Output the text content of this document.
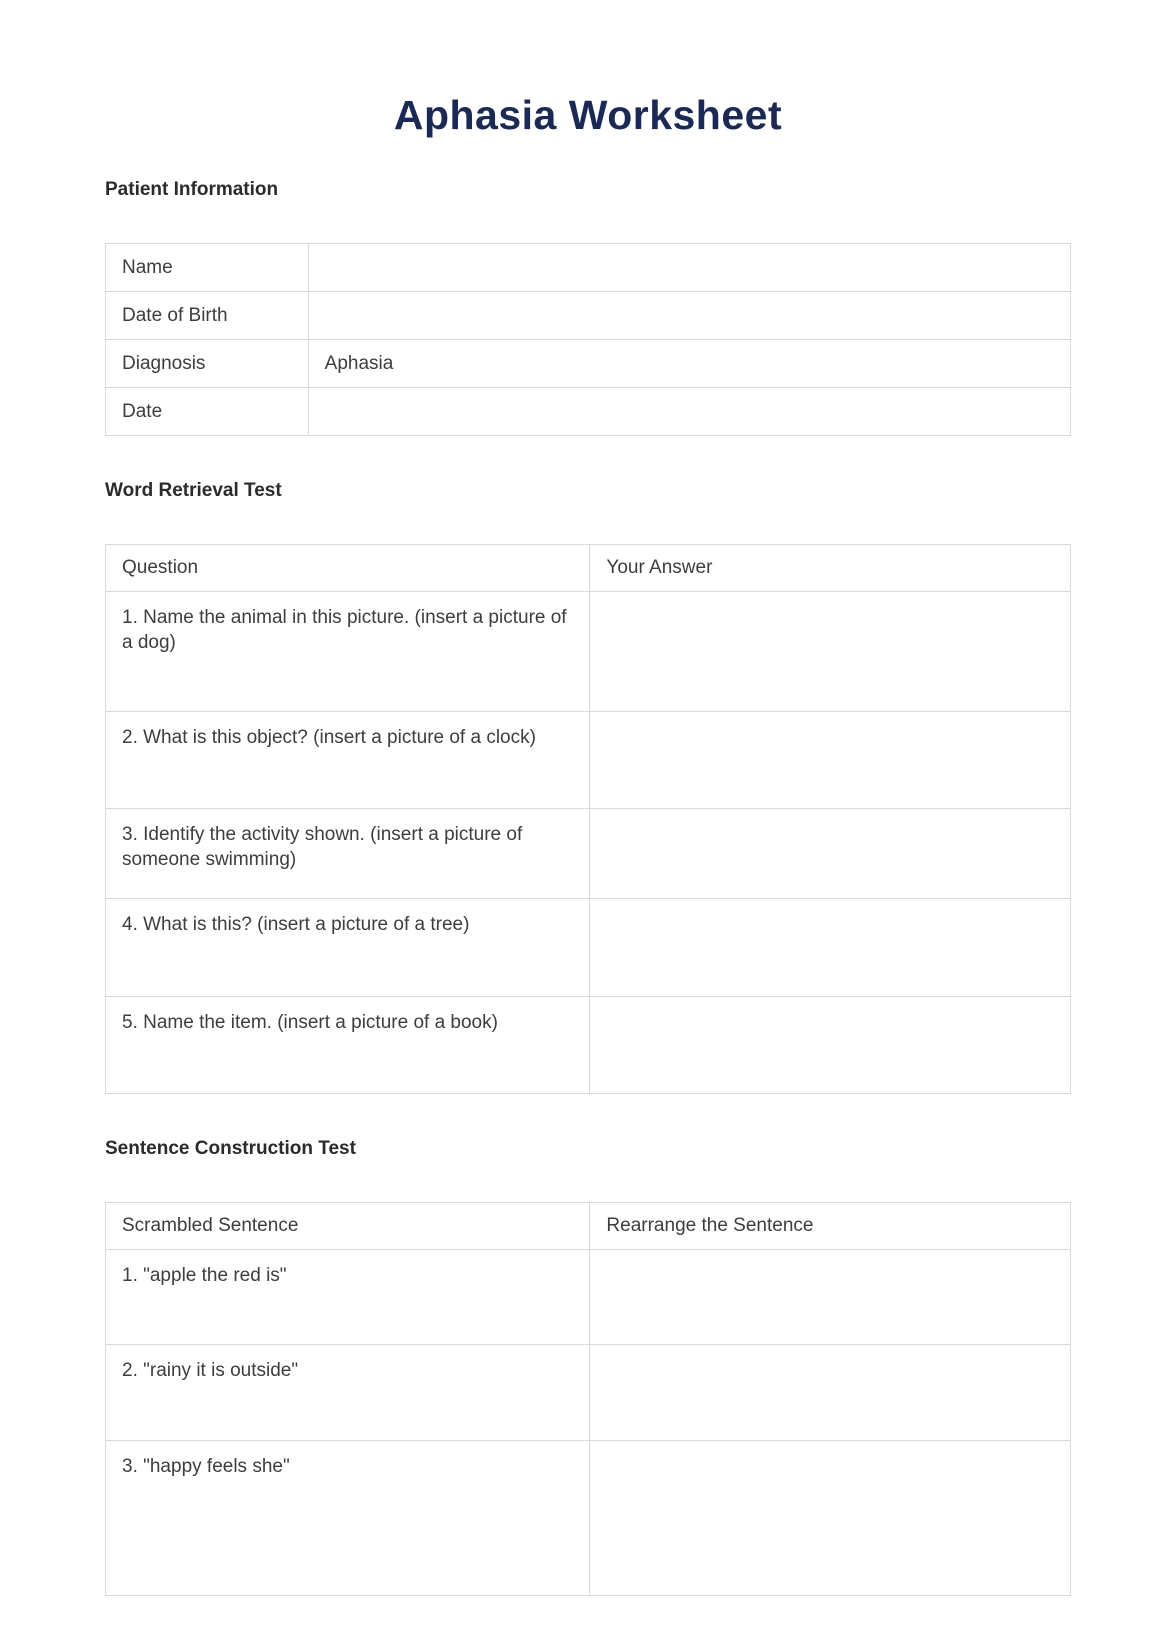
Aphasia Worksheet
Patient Information
Name	
Date of Birth	
Diagnosis	Aphasia
Date	
Word Retrieval Test
Question	Your Answer
1. Name the animal in this picture. (insert a picture of a dog)	
2. What is this object? (insert a picture of a clock)	
3. Identify the activity shown. (insert a picture of someone swimming)	
4. What is this? (insert a picture of a tree)	
5. Name the item. (insert a picture of a book)	
Sentence Construction Test
Scrambled Sentence	Rearrange the Sentence
1. "apple the red is"	
2. "rainy it is outside"	
3. "happy feels she"	
